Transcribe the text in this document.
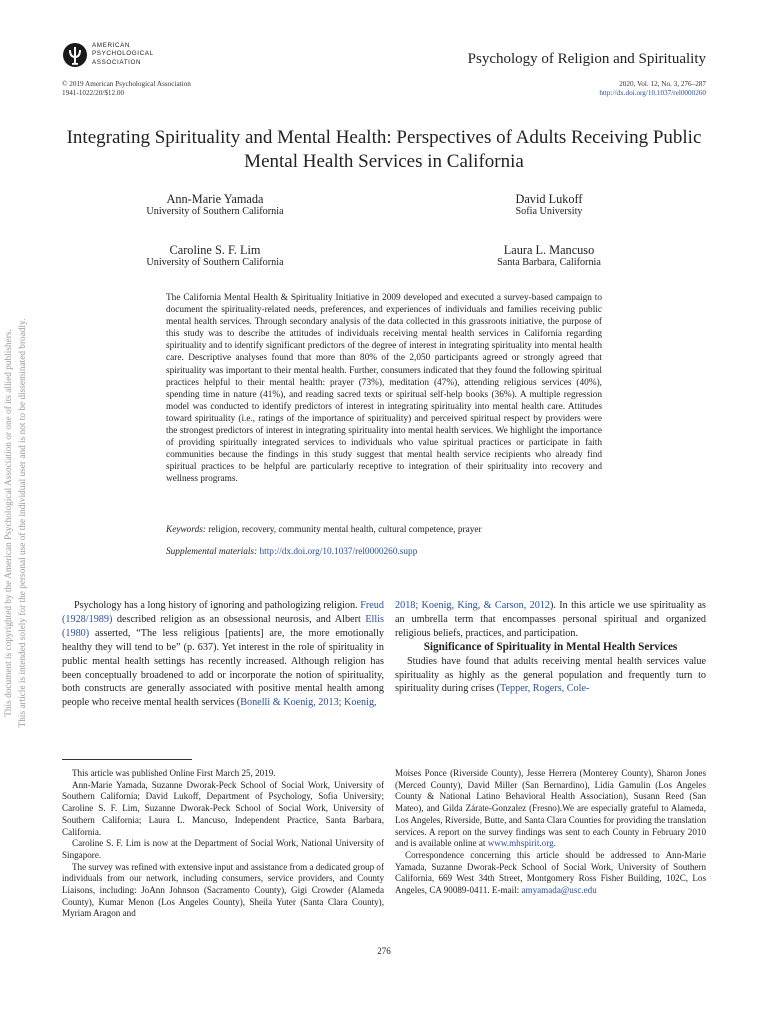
AMERICAN
PSYCHOLOGICAL
ASSOCIATION	Psychology of Religion and Spirituality
© 2019 American Psychological Association
1941-1022/20/$12.00
2020, Vol. 12, No. 3, 276–287
http://dx.doi.org/10.1037/rel0000260
Integrating Spirituality and Mental Health: Perspectives of Adults Receiving Public Mental Health Services in California
Ann-Marie Yamada
University of Southern California
David Lukoff
Sofia University
Caroline S. F. Lim
University of Southern California
Laura L. Mancuso
Santa Barbara, California
The California Mental Health & Spirituality Initiative in 2009 developed and executed a survey-based campaign to document the spirituality-related needs, preferences, and experiences of individuals and families receiving public mental health services. Through secondary analysis of the data collected in this grassroots initiative, the purpose of this study was to describe the attitudes of individuals receiving mental health services in California regarding spirituality and to identify significant predictors of the degree of interest in integrating spirituality into mental health care. Descriptive analyses found that more than 80% of the 2,050 participants agreed or strongly agreed that spirituality was important to their mental health. Further, consumers indicated that they found the following spiritual practices helpful to their mental health: prayer (73%), meditation (47%), attending religious services (40%), spending time in nature (41%), and reading sacred texts or spiritual self-help books (36%). A multiple regression model was conducted to identify predictors of interest in integrating spirituality into mental health care. Attitudes toward spirituality (i.e., ratings of the importance of spirituality) and perceived spiritual respect by providers were the strongest predictors of interest in integrating spirituality into mental health services. We highlight the importance of providing spiritually integrated services to individuals who value spiritual practices or participate in faith communities because the findings in this study suggest that mental health service recipients who already find spiritual practices to be helpful are particularly receptive to integration of their spirituality into recovery and wellness programs.
Keywords: religion, recovery, community mental health, cultural competence, prayer
Supplemental materials: http://dx.doi.org/10.1037/rel0000260.supp

Psychology has a long history of ignoring and pathologizing religion. Freud (1928/1989) described religion as an obsessional neurosis, and Albert Ellis (1980) asserted, “The less religious [patients] are, the more emotionally healthy they will tend to be” (p. 637). Yet interest in the role of spirituality in public mental health settings has recently increased. Although religion has been conceptually broadened to add or incorporate the notion of spirituality, both constructs are generally associated with positive mental health among people who receive mental health services (Bonelli & Koenig, 2013; Koenig,

2018; Koenig, King, & Carson, 2012). In this article we use spirituality as an umbrella term that encompasses personal spiritual and organized religious beliefs, practices, and participation.

Significance of Spirituality in Mental Health Services

Studies have found that adults receiving mental health services value spirituality as highly as the general population and frequently turn to spirituality during crises (Tepper, Rogers, Cole-

This article was published Online First March 25, 2019.

Ann-Marie Yamada, Suzanne Dworak-Peck School of Social Work, University of Southern California; David Lukoff, Department of Psychology, Sofia University; Caroline S. F. Lim, Suzanne Dworak-Peck School of Social Work, University of Southern California; Laura L. Mancuso, Independent Practice, Santa Barbara, California.

Caroline S. F. Lim is now at the Department of Social Work, National University of Singapore.

The survey was refined with extensive input and assistance from a dedicated group of individuals from our network, including consumers, service providers, and County Liaisons, including: JoAnn Johnson (Sacramento County), Gigi Crowder (Alameda County), Kumar Menon (Los Angeles County), Sheila Yuter (Santa Clara County), Myriam Aragon and

Moises Ponce (Riverside County), Jesse Herrera (Monterey County), Sharon Jones (Merced County), David Miller (San Bernardino), Lidia Gamulin (Los Angeles County & National Latino Behavioral Health Association), Susann Reed (San Mateo), and Gilda Zárate-Gonzalez (Fresno).We are especially grateful to Alameda, Los Angeles, Riverside, Butte, and Santa Clara Counties for providing the translation services. A report on the survey findings was sent to each County in February 2010 and is available online at www.mhspirit.org.

Correspondence concerning this article should be addressed to Ann-Marie Yamada, Suzanne Dworak-Peck School of Social Work, University of Southern California, 669 West 34th Street, Montgomery Ross Fisher Building, 102C, Los Angeles, CA 90089-0411. E-mail: amyamada@usc.edu

276
This document is copyrighted by the American Psychological Association or one of its allied publishers. This article is intended solely for the personal use of the individual user and is not to be disseminated broadly.
